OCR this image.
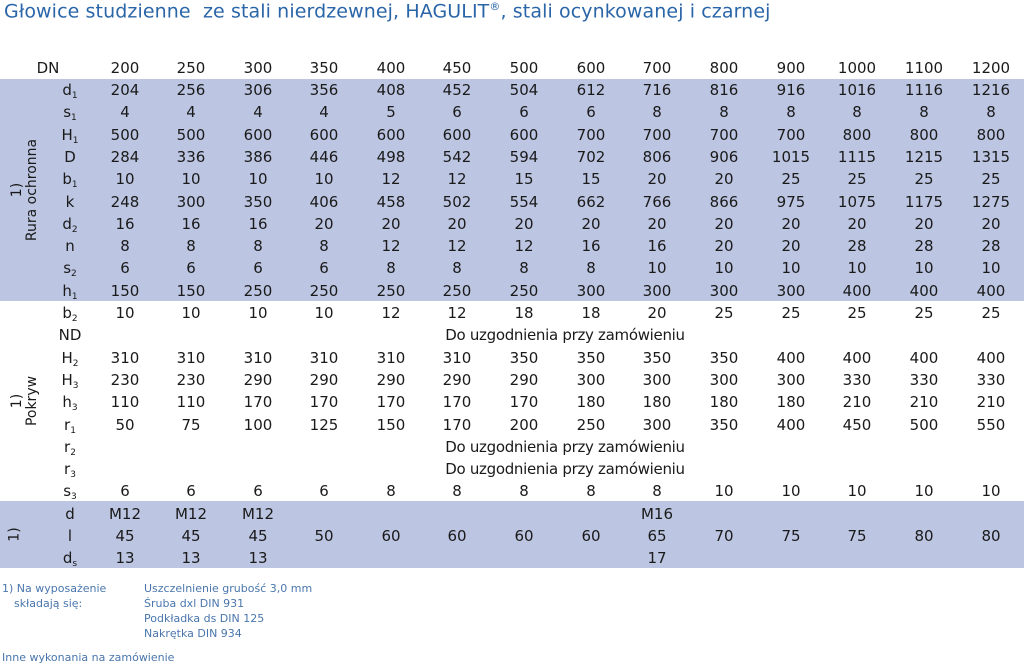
Głowice studzienne  ze stali nierdzewnej, HAGULIT®, stali ocynkowanej i czarnej
1)
Rura ochronna
1)
Pokryw
1)
DN	200	250	300	350	400	450	500	600	700	800	900	1000	1100	1200
$d_1$	204	256	306	356	408	452	504	612	716	816	916	1016	1116	1216
$s_1$	4	4	4	4	5	6	6	6	8	8	8	8	8	8
$H_1$	500	500	600	600	600	600	600	700	700	700	700	800	800	800
D	284	336	386	446	498	542	594	702	806	906	1015	1115	1215	1315
$b_1$	10	10	10	10	12	12	15	15	20	20	25	25	25	25
k	248	300	350	406	458	502	554	662	766	866	975	1075	1175	1275
$d_2$	16	16	16	20	20	20	20	20	20	20	20	20	20	20
n	8	8	8	8	12	12	12	16	16	20	20	28	28	28
$s_2$	6	6	6	6	8	8	8	8	10	10	10	10	10	10
$h_1$	150	150	250	250	250	250	250	300	300	300	300	400	400	400
$b_2$	10	10	10	10	12	12	18	18	20	25	25	25	25	25
ND	Do uzgodnienia przy zamówieniu
$H_2$	310	310	310	310	310	310	350	350	350	350	400	400	400	400
$H_3$	230	230	290	290	290	290	290	300	300	300	300	330	330	330
$h_3$	110	110	170	170	170	170	170	180	180	180	180	210	210	210
$r_1$	50	75	100	125	150	170	200	250	300	350	400	450	500	550
$r_2$	Do uzgodnienia przy zamówieniu
$r_3$	Do uzgodnienia przy zamówieniu
$s_3$	6	6	6	6	8	8	8	8	8	10	10	10	10	10
d	M12	M12	M12	M16
l	45	45	45	50	60	60	60	60	65	70	75	75	80	80
$d_s$	13	13	13	17
1) Na wyposażenie
składają się:
Uszczelnienie grubość 3,0 mm
Śruba dxl DIN 931
Podkładka ds DIN 125
Nakrętka DIN 934
Inne wykonania na zamówienie
